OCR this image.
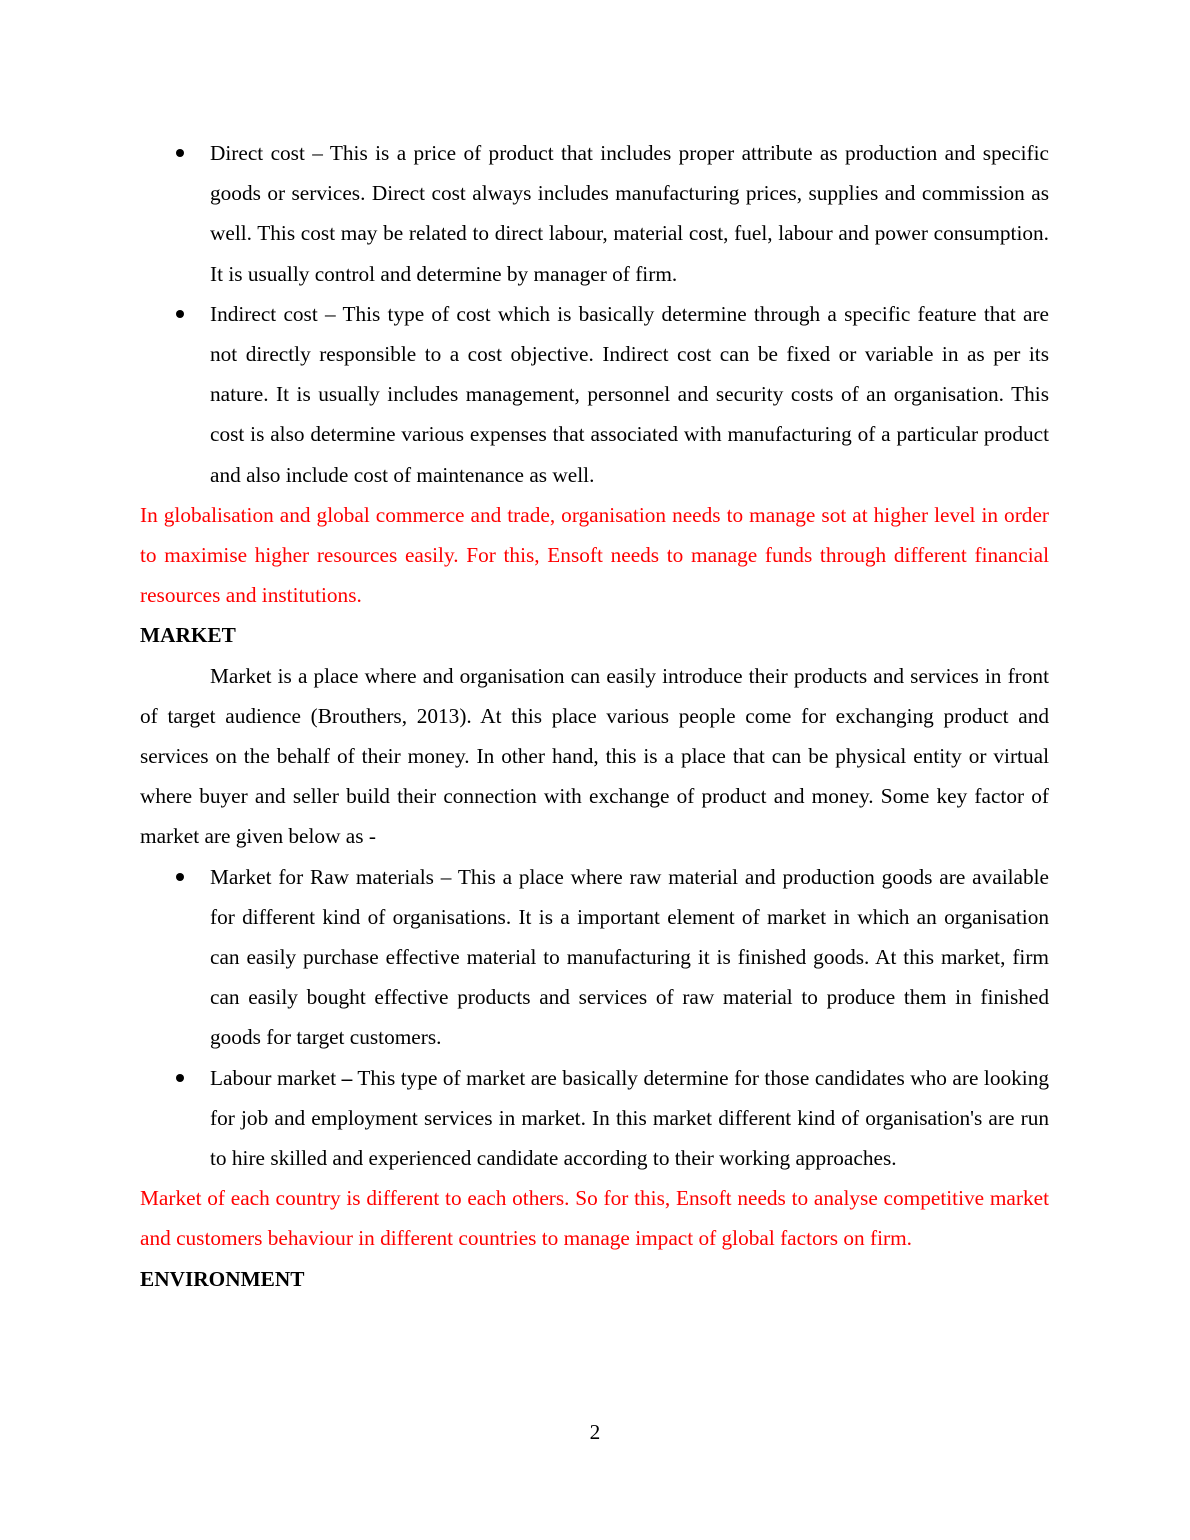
Direct cost – This is a price of product that includes proper attribute as production and specific goods or services. Direct cost always includes manufacturing prices, supplies and commission as well. This cost may be related to direct labour, material cost, fuel, labour and power consumption. It is usually control and determine by manager of firm.
Indirect cost – This type of cost which is basically determine through a specific feature that are not directly responsible to a cost objective. Indirect cost can be fixed or variable in as per its nature. It is usually includes management, personnel and security costs of an organisation. This cost is also determine various expenses that associated with manufacturing of a particular product and also include cost of maintenance as well.

In globalisation and global commerce and trade, organisation needs to manage sot at higher level in order to maximise higher resources easily. For this, Ensoft needs to manage funds through different financial resources and institutions.

MARKET

Market is a place where and organisation can easily introduce their products and services in front of target audience (Brouthers, 2013). At this place various people come for exchanging product and services on the behalf of their money. In other hand, this is a place that can be physical entity or virtual where buyer and seller build their connection with exchange of product and money. Some key factor of market are given below as -

Market for Raw materials – This a place where raw material and production goods are available for different kind of organisations. It is a important element of market in which an organisation can easily purchase effective material to manufacturing it is finished goods. At this market, firm can easily bought effective products and services of raw material to produce them in finished goods for target customers.
Labour market – This type of market are basically determine for those candidates who are looking for job and employment services in market. In this market different kind of organisation's are run to hire skilled and experienced candidate according to their working approaches.

Market of each country is different to each others. So for this, Ensoft needs to analyse competitive market and customers behaviour in different countries to manage impact of global factors on firm.

ENVIRONMENT

2
